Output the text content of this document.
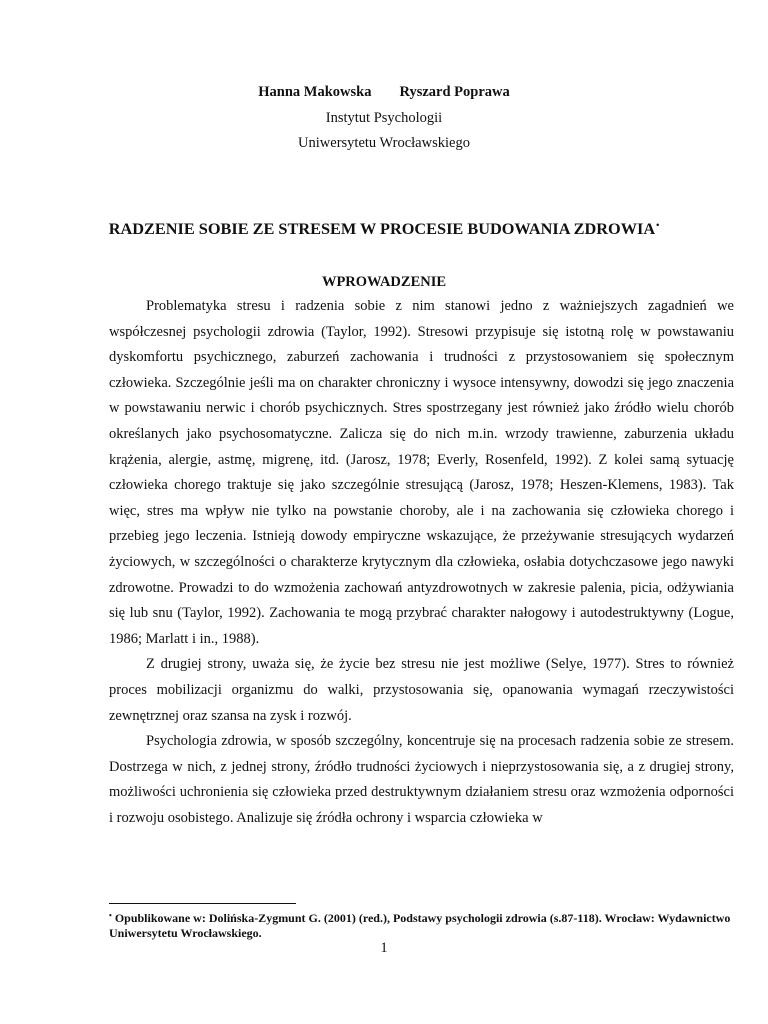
Hanna Makowska Ryszard Poprawa
Instytut Psychologii
Uniwersytetu Wrocławskiego
RADZENIE SOBIE ZE STRESEM W PROCESIE BUDOWANIA ZDROWIA•
WPROWADZENIE

Problematyka stresu i radzenia sobie z nim stanowi jedno z ważniejszych zagadnień we współczesnej psychologii zdrowia (Taylor, 1992). Stresowi przypisuje się istotną rolę w powstawaniu dyskomfortu psychicznego, zaburzeń zachowania i trudności z przystosowaniem się społecznym człowieka. Szczególnie jeśli ma on charakter chroniczny i wysoce intensywny, dowodzi się jego znaczenia w powstawaniu nerwic i chorób psychicznych. Stres spostrzegany jest również jako źródło wielu chorób określanych jako psychosomatyczne. Zalicza się do nich m.in. wrzody trawienne, zaburzenia układu krążenia, alergie, astmę, migrenę, itd. (Jarosz, 1978; Everly, Rosenfeld, 1992). Z kolei samą sytuację człowieka chorego traktuje się jako szczególnie stresującą (Jarosz, 1978; Heszen-Klemens, 1983). Tak więc, stres ma wpływ nie tylko na powstanie choroby, ale i na zachowania się człowieka chorego i przebieg jego leczenia. Istnieją dowody empiryczne wskazujące, że przeżywanie stresujących wydarzeń życiowych, w szczególności o charakterze krytycznym dla człowieka, osłabia dotychczasowe jego nawyki zdrowotne. Prowadzi to do wzmożenia zachowań antyzdrowotnych w zakresie palenia, picia, odżywiania się lub snu (Taylor, 1992). Zachowania te mogą przybrać charakter nałogowy i autodestruktywny (Logue, 1986; Marlatt i in., 1988).

Z drugiej strony, uważa się, że życie bez stresu nie jest możliwe (Selye, 1977). Stres to również proces mobilizacji organizmu do walki, przystosowania się, opanowania wymagań rzeczywistości zewnętrznej oraz szansa na zysk i rozwój.

Psychologia zdrowia, w sposób szczególny, koncentruje się na procesach radzenia sobie ze stresem. Dostrzega w nich, z jednej strony, źródło trudności życiowych i nieprzystosowania się, a z drugiej strony, możliwości uchronienia się człowieka przed destruktywnym działaniem stresu oraz wzmożenia odporności i rozwoju osobistego. Analizuje się źródła ochrony i wsparcia człowieka w

• Opublikowane w: Dolińska-Zygmunt G. (2001) (red.), Podstawy psychologii zdrowia (s.87-118). Wrocław: Wydawnictwo Uniwersytetu Wrocławskiego.
1
